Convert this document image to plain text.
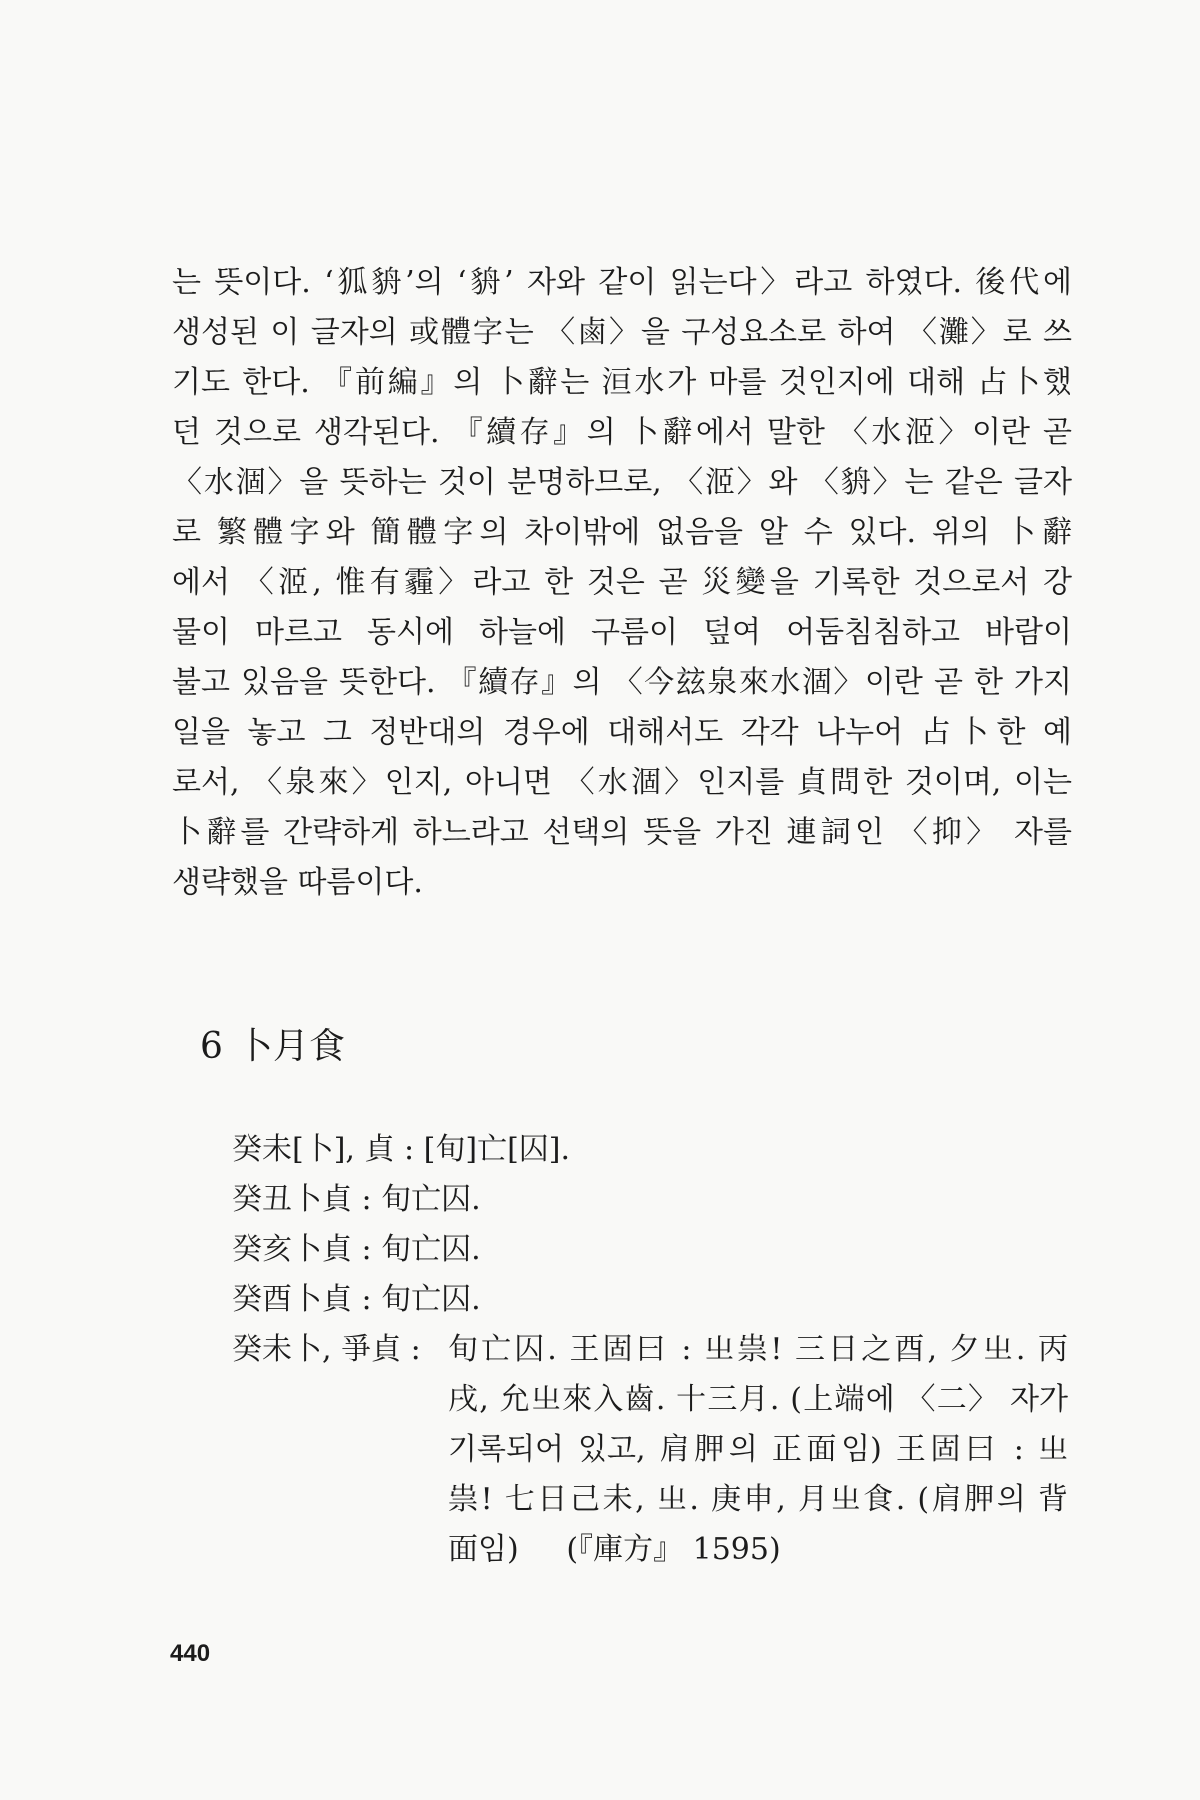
는 뜻이다. ‘狐貈’의 ‘貈’ 자와 같이 읽는다〉라고 하였다. 後代에
생성된 이 글자의 或體字는 〈鹵〉을 구성요소로 하여 〈灘〉로 쓰
기도 한다. 『前編』의 卜辭는 洹水가 마를 것인지에 대해 占卜했
던 것으로 생각된다. 『續存』의 卜辭에서 말한 〈水洍〉이란 곧
〈水涸〉을 뜻하는 것이 분명하므로, 〈洍〉와 〈貈〉는 같은 글자
로 繁體字와 簡體字의 차이밖에 없음을 알 수 있다. 위의 卜辭
에서 〈洍, 惟有霾〉라고 한 것은 곧 災變을 기록한 것으로서 강
물이 마르고 동시에 하늘에 구름이 덮여 어둠침침하고 바람이
불고 있음을 뜻한다. 『續存』의 〈今玆泉來水涸〉이란 곧 한 가지
일을 놓고 그 정반대의 경우에 대해서도 각각 나누어 占卜한 예
로서, 〈泉來〉인지, 아니면 〈水涸〉인지를 貞問한 것이며, 이는
卜辭를 간략하게 하느라고 선택의 뜻을 가진 連詞인 〈抑〉 자를
생략했을 따름이다.
6 卜月食
癸未[卜], 貞 : [旬]亡[囚].
癸丑卜貞 : 旬亡囚.
癸亥卜貞 : 旬亡囚.
癸酉卜貞 : 旬亡囚.
癸未卜, 爭貞 : 旬亡囚. 王固曰 : 㞢祟! 三日之酉, 夕㞢. 丙
戌, 允㞢來入齒. 十三月. (上端에 〈二〉 자가
기록되어 있고, 肩胛의 正面임) 王固曰 : 㞢
祟! 七日己未, 㞢. 庚申, 月㞢食. (肩胛의 背
面임)     (『庫方』 1595)
440
